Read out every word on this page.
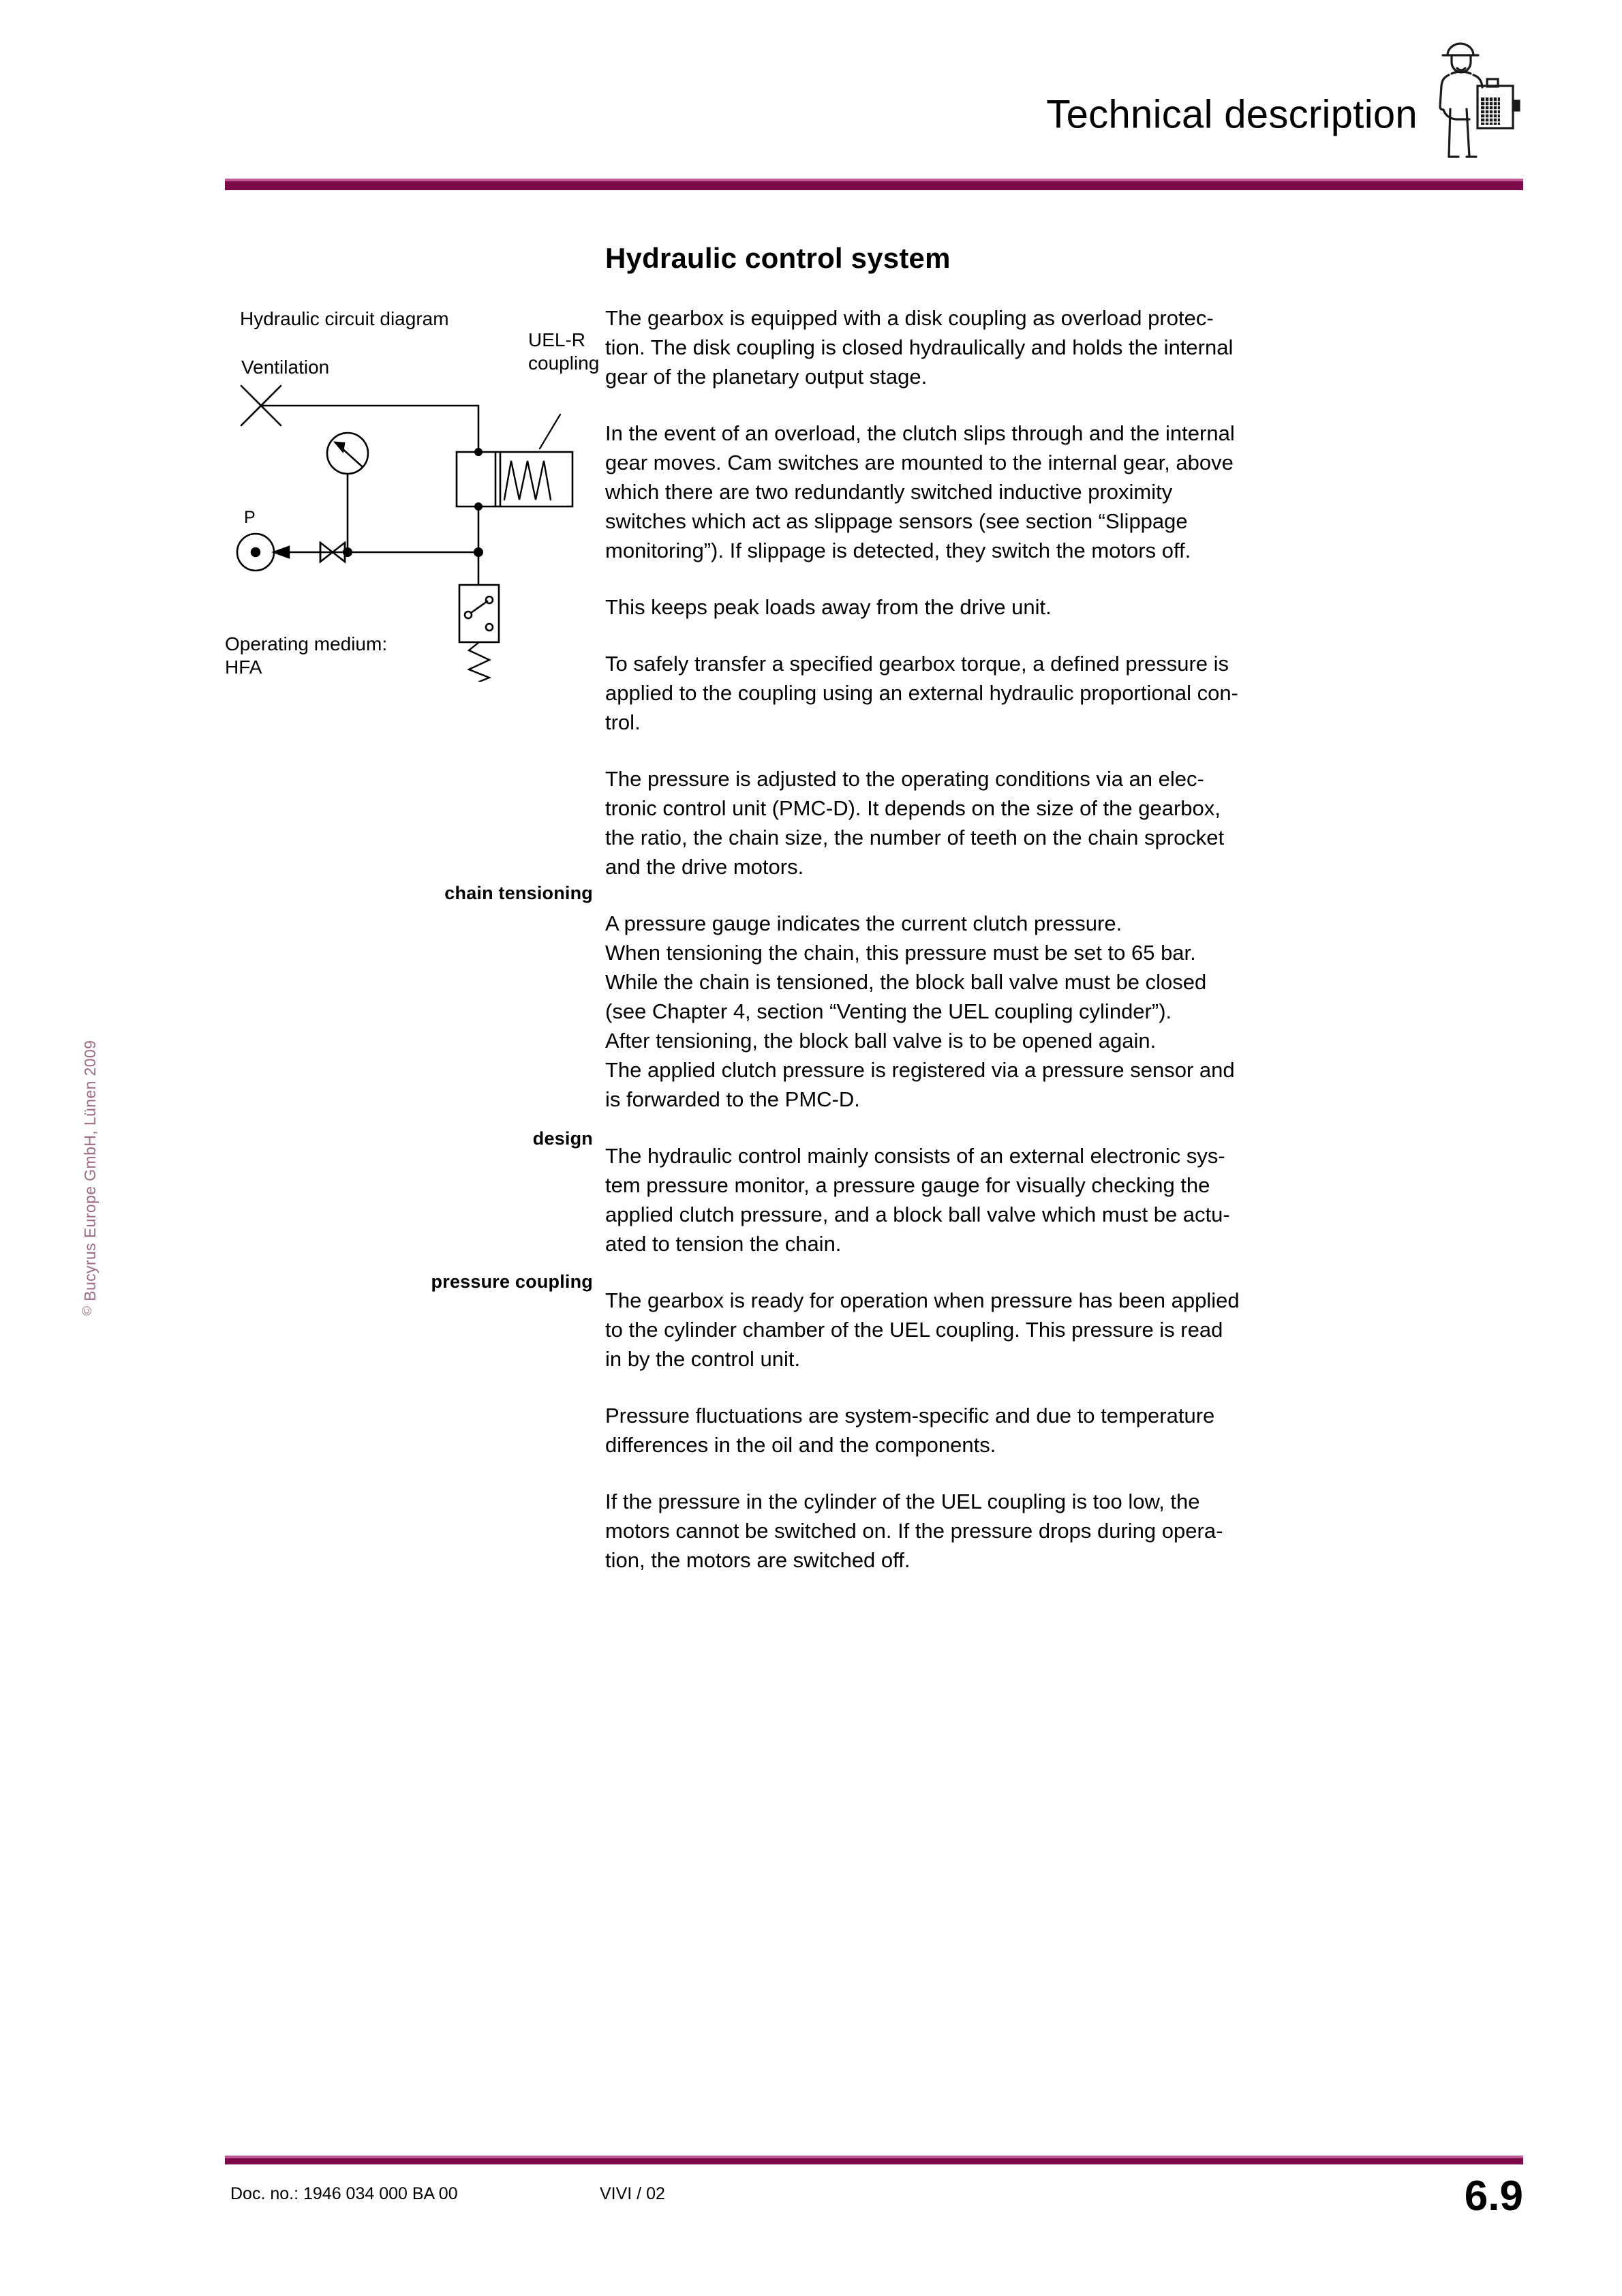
Technical description
© Bucyrus Europe GmbH, Lünen 2009
Hydraulic circuit diagram
Ventilation
UEL-R
coupling
P
Operating medium:
HFA
chain tensioning
design
pressure coupling
Hydraulic control system

The gearbox is equipped with a disk coupling as overload protec-
tion. The disk coupling is closed hydraulically and holds the internal
gear of the planetary output stage.

In the event of an overload, the clutch slips through and the internal
gear moves. Cam switches are mounted to the internal gear, above
which there are two redundantly switched inductive proximity
switches which act as slippage sensors (see section “Slippage
monitoring”). If slippage is detected, they switch the motors off.

This keeps peak loads away from the drive unit.

To safely transfer a specified gearbox torque, a defined pressure is
applied to the coupling using an external hydraulic proportional con-
trol.

The pressure is adjusted to the operating conditions via an elec-
tronic control unit (PMC-D). It depends on the size of the gearbox,
the ratio, the chain size, the number of teeth on the chain sprocket
and the drive motors.

A pressure gauge indicates the current clutch pressure.
When tensioning the chain, this pressure must be set to 65 bar.
While the chain is tensioned, the block ball valve must be closed
(see Chapter 4, section “Venting the UEL coupling cylinder”).
After tensioning, the block ball valve is to be opened again.
The applied clutch pressure is registered via a pressure sensor and
is forwarded to the PMC-D.

The hydraulic control mainly consists of an external electronic sys-
tem pressure monitor, a pressure gauge for visually checking the
applied clutch pressure, and a block ball valve which must be actu-
ated to tension the chain.

The gearbox is ready for operation when pressure has been applied
to the cylinder chamber of the UEL coupling. This pressure is read
in by the control unit.

Pressure fluctuations are system-specific and due to temperature
differences in the oil and the components.

If the pressure in the cylinder of the UEL coupling is too low, the
motors cannot be switched on. If the pressure drops during opera-
tion, the motors are switched off.

Doc. no.: 1946 034 000 BA 00	VIVI / 02	6.9
